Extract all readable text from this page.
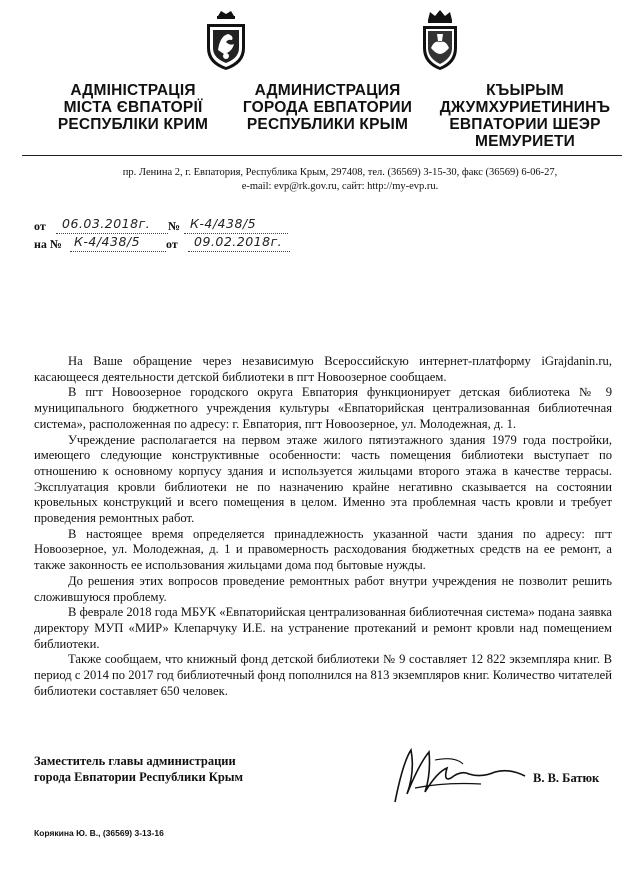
АДМІНІСТРАЦІЯ
МІСТА ЄВПАТОРІЇ
РЕСПУБЛІКИ КРИМ
АДМИНИСТРАЦИЯ
ГОРОДА ЕВПАТОРИИ
РЕСПУБЛИКИ КРЫМ
КЪЫРЫМ
ДЖУМХУРИЕТИНИНЪ
ЕВПАТОРИИ ШЕЭР
МЕМУРИЕТИ
пр. Ленина 2, г. Евпатория, Республика Крым, 297408, тел. (36569) 3-15-30, факс (36569) 6-06-27,
e-mail: evp@rk.gov.ru, сайт: http://my-evp.ru.
от 06.03.2018г. № К-4/438/5
на № К-4/438/5 от 09.02.2018г.

На Ваше обращение через независимую Всероссийскую интернет-платформу iGrajdanin.ru, касающееся деятельности детской библиотеки в пгт Новоозерное сообщаем.

В пгт Новоозерное городского округа Евпатория функционирует детская библиотека № 9 муниципального бюджетного учреждения культуры «Евпаторийская централизованная библиотечная система», расположенная по адресу: г. Евпатория, пгт Новоозерное, ул. Молодежная, д. 1.

Учреждение располагается на первом этаже жилого пятиэтажного здания 1979 года постройки, имеющего следующие конструктивные особенности: часть помещения библиотеки выступает по отношению к основному корпусу здания и используется жильцами второго этажа в качестве террасы. Эксплуатация кровли библиотеки не по назначению крайне негативно сказывается на состоянии кровельных конструкций и всего помещения в целом. Именно эта проблемная часть кровли и требует проведения ремонтных работ.

В настоящее время определяется принадлежность указанной части здания по адресу: пгт Новоозерное, ул. Молодежная, д. 1 и правомерность расходования бюджетных средств на ее ремонт, а также законность ее использования жильцами дома под бытовые нужды.

До решения этих вопросов проведение ремонтных работ внутри учреждения не позволит решить сложившуюся проблему.

В феврале 2018 года МБУК «Евпаторийская централизованная библиотечная система» подана заявка директору МУП «МИР» Клепарчуку И.Е. на устранение протеканий и ремонт кровли над помещением библиотеки.

Также сообщаем, что книжный фонд детской библиотеки № 9 составляет 12 822 экземпляра книг. В период с 2014 по 2017 год библиотечный фонд пополнился на 813 экземпляров книг. Количество читателей библиотеки составляет 650 человек.

Заместитель главы администрации
города Евпатории Республики Крым	В. В. Батюк
Корякина Ю. В., (36569) 3-13-16
